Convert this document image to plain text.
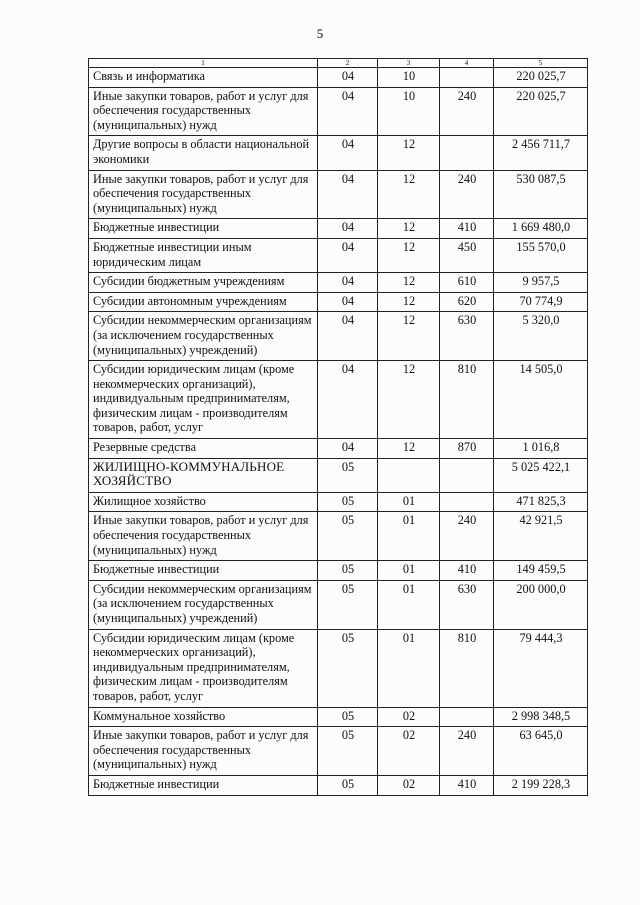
5
1	2	3	4	5
Связь и информатика	04	10		220 025,7
Иные закупки товаров, работ и услуг для обеспечения государственных (муниципальных) нужд	04	10	240	220 025,7
Другие вопросы в области национальной экономики	04	12		2 456 711,7
Иные закупки товаров, работ и услуг для обеспечения государственных (муниципальных) нужд	04	12	240	530 087,5
Бюджетные инвестиции	04	12	410	1 669 480,0
Бюджетные инвестиции иным юридическим лицам	04	12	450	155 570,0
Субсидии бюджетным учреждениям	04	12	610	9 957,5
Субсидии автономным учреждениям	04	12	620	70 774,9
Субсидии некоммерческим организациям (за исключением государственных (муниципальных) учреждений)	04	12	630	5 320,0
Субсидии юридическим лицам (кроме некоммерческих организаций), индивидуальным предпринимателям, физическим лицам - производителям товаров, работ, услуг	04	12	810	14 505,0
Резервные средства	04	12	870	1 016,8
ЖИЛИЩНО-КОММУНАЛЬНОЕ ХОЗЯЙСТВО	05			5 025 422,1
Жилищное хозяйство	05	01		471 825,3
Иные закупки товаров, работ и услуг для обеспечения государственных (муниципальных) нужд	05	01	240	42 921,5
Бюджетные инвестиции	05	01	410	149 459,5
Субсидии некоммерческим организациям (за исключением государственных (муниципальных) учреждений)	05	01	630	200 000,0
Субсидии юридическим лицам (кроме некоммерческих организаций), индивидуальным предпринимателям, физическим лицам - производителям товаров, работ, услуг	05	01	810	79 444,3
Коммунальное хозяйство	05	02		2 998 348,5
Иные закупки товаров, работ и услуг для обеспечения государственных (муниципальных) нужд	05	02	240	63 645,0
Бюджетные инвестиции	05	02	410	2 199 228,3
